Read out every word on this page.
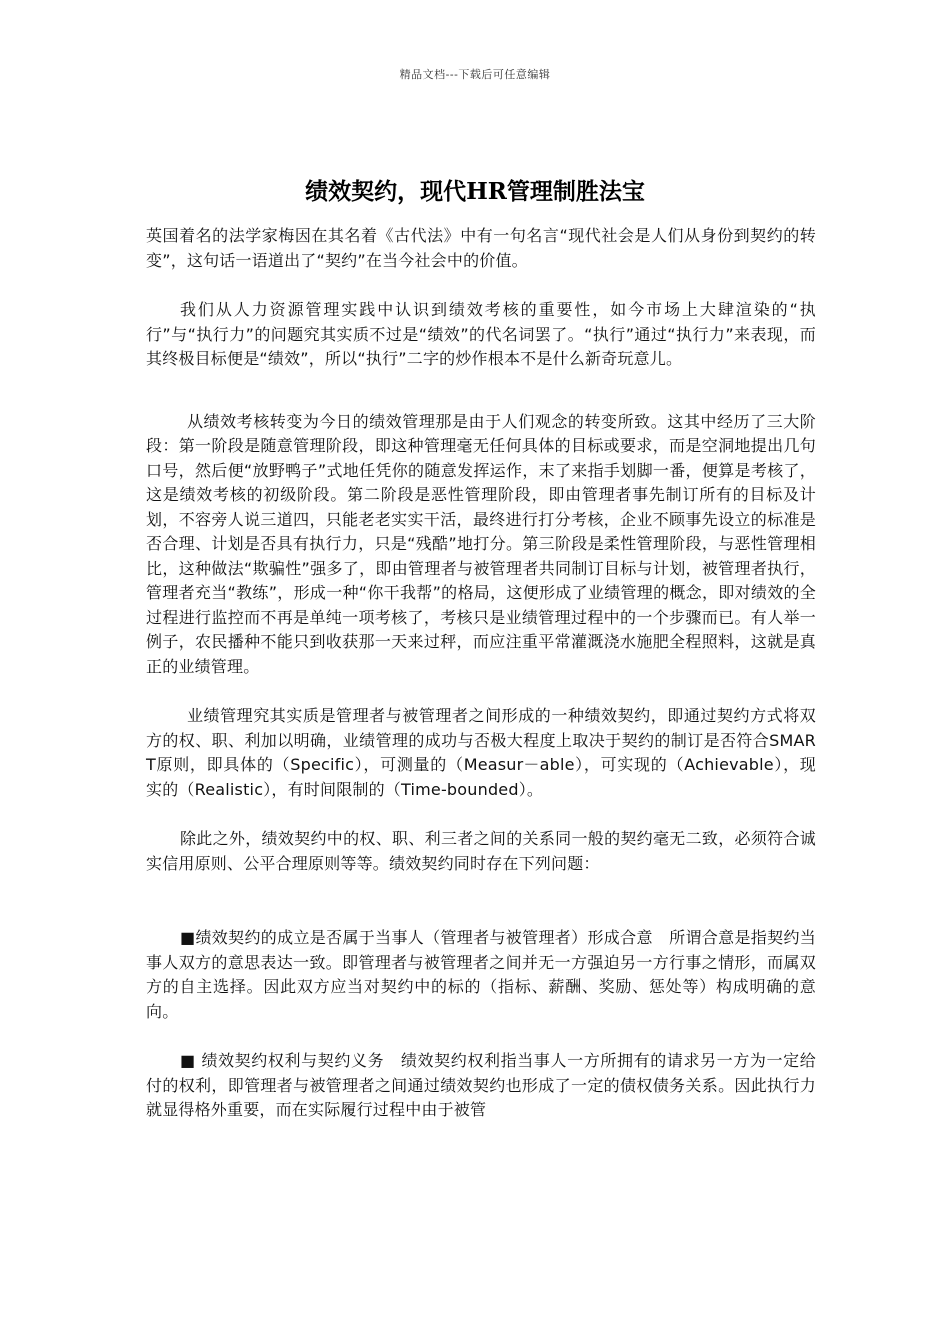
精品文档---下载后可任意编辑
绩效契约，现代HR管理制胜法宝

英国着名的法学家梅因在其名着《古代法》中有一句名言“现代社会是人们从身份到契约的转变”，这句话一语道出了“契约”在当今社会中的价值。

我们从人力资源管理实践中认识到绩效考核的重要性，如今市场上大肆渲染的“执行”与“执行力”的问题究其实质不过是“绩效”的代名词罢了。“执行”通过“执行力”来表现，而其终极目标便是“绩效”，所以“执行”二字的炒作根本不是什么新奇玩意儿。

从绩效考核转变为今日的绩效管理那是由于人们观念的转变所致。这其中经历了三大阶段：第一阶段是随意管理阶段，即这种管理毫无任何具体的目标或要求，而是空洞地提出几句口号，然后便“放野鸭子”式地任凭你的随意发挥运作，末了来指手划脚一番，便算是考核了，这是绩效考核的初级阶段。第二阶段是恶性管理阶段，即由管理者事先制订所有的目标及计划，不容旁人说三道四，只能老老实实干活，最终进行打分考核，企业不顾事先设立的标准是否合理、计划是否具有执行力，只是“残酷”地打分。第三阶段是柔性管理阶段，与恶性管理相比，这种做法“欺骗性”强多了，即由管理者与被管理者共同制订目标与计划，被管理者执行，管理者充当“教练”，形成一种“你干我帮”的格局，这便形成了业绩管理的概念，即对绩效的全过程进行监控而不再是单纯一项考核了，考核只是业绩管理过程中的一个步骤而已。有人举一例子，农民播种不能只到收获那一天来过秤，而应注重平常灌溉浇水施肥全程照料，这就是真正的业绩管理。

业绩管理究其实质是管理者与被管理者之间形成的一种绩效契约，即通过契约方式将双方的权、职、利加以明确，业绩管理的成功与否极大程度上取决于契约的制订是否符合SMART原则，即具体的（Specific），可测量的（Measur－able），可实现的（Achievable），现实的（Realistic），有时间限制的（Time-bounded）。

除此之外，绩效契约中的权、职、利三者之间的关系同一般的契约毫无二致，必须符合诚实信用原则、公平合理原则等等。绩效契约同时存在下列问题：

■绩效契约的成立是否属于当事人（管理者与被管理者）形成合意　所谓合意是指契约当事人双方的意思表达一致。即管理者与被管理者之间并无一方强迫另一方行事之情形，而属双方的自主选择。因此双方应当对契约中的标的（指标、薪酬、奖励、惩处等）构成明确的意向。

■ 绩效契约权利与契约义务　绩效契约权利指当事人一方所拥有的请求另一方为一定给付的权利，即管理者与被管理者之间通过绩效契约也形成了一定的债权债务关系。因此执行力就显得格外重要，而在实际履行过程中由于被管
